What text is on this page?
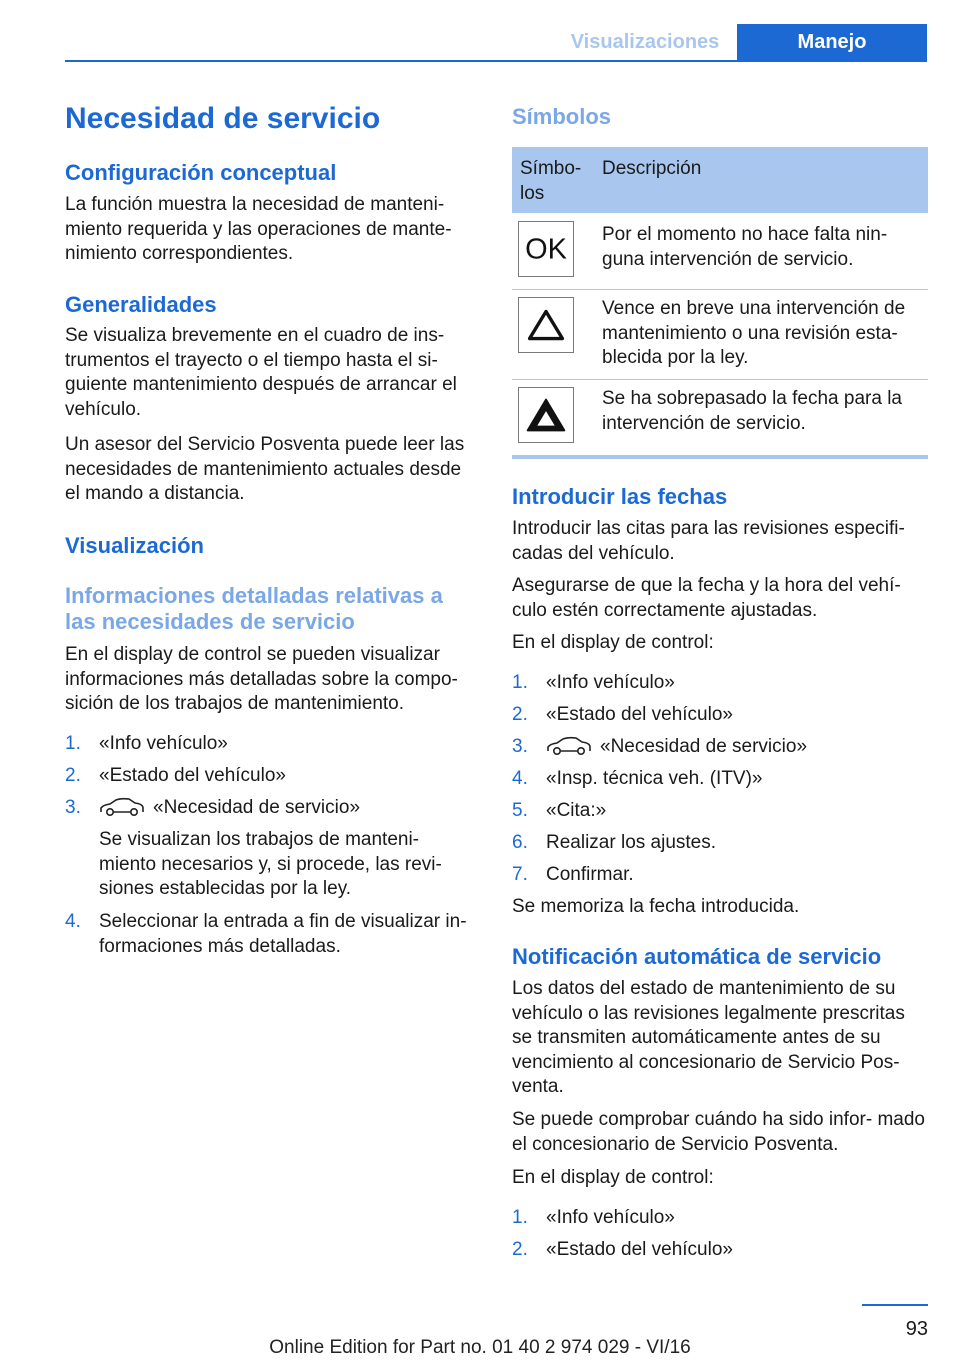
Visualizaciones	Manejo
Necesidad de servicio
Configuración conceptual
La función muestra la necesidad de manteni‐ miento requerida y las operaciones de mante‐ nimiento correspondientes.
Generalidades
Se visualiza brevemente en el cuadro de ins‐ trumentos el trayecto o el tiempo hasta el si‐ guiente mantenimiento después de arrancar el vehículo.
Un asesor del Servicio Posventa puede leer las necesidades de mantenimiento actuales desde el mando a distancia.
Visualización
Informaciones detalladas relativas a las necesidades de servicio
En el display de control se pueden visualizar informaciones más detalladas sobre la compo‐ sición de los trabajos de mantenimiento.
1. «Info vehículo»
2. «Estado del vehículo»
3.	«Necesidad de servicio»
Se visualizan los trabajos de manteni‐ miento necesarios y, si procede, las revi‐ siones establecidas por la ley.
4. Seleccionar la entrada a fin de visualizar in‐ formaciones más detalladas.
Símbolos
Símbo‐ los
Descripción
OK Por el momento no hace falta nin‐ guna intervención de servicio.
Vence en breve una intervención de mantenimiento o una revisión esta‐ blecida por la ley.
Se ha sobrepasado la fecha para la intervención de servicio.
Introducir las fechas
Introducir las citas para las revisiones especifi‐ cadas del vehículo.
Asegurarse de que la fecha y la hora del vehí‐ culo estén correctamente ajustadas.
En el display de control:
1. «Info vehículo»
2. «Estado del vehículo»
3.	«Necesidad de servicio»
4. «Insp. técnica veh. (ITV)»
5. «Cita:»
6. Realizar los ajustes.
7. Confirmar.
Se memoriza la fecha introducida.
Notificación automática de servicio
Los datos del estado de mantenimiento de su vehículo o las revisiones legalmente prescritas se transmiten automáticamente antes de su vencimiento al concesionario de Servicio Pos‐ venta.
Se puede comprobar cuándo ha sido infor‐ mado el concesionario de Servicio Posventa.
En el display de control:
1. «Info vehículo»
2. «Estado del vehículo»
93
Online Edition for Part no. 01 40 2 974 029 - VI/16
